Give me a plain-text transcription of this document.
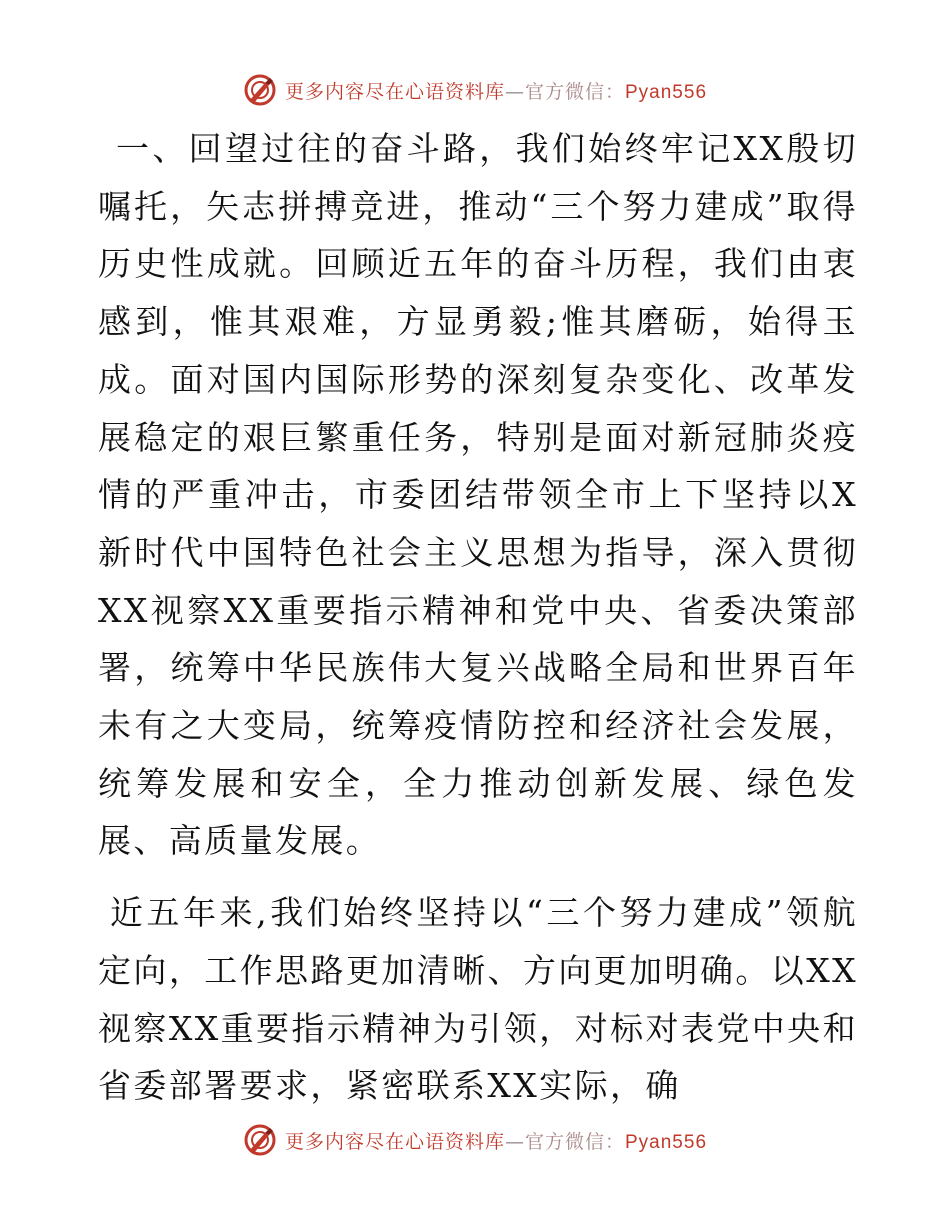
更多内容尽在心语资料库—官方微信：Pyan556

一、回望过往的奋斗路，我们始终牢记XX殷切嘱托，矢志拼搏竞进，推动“三个努力建成”取得历史性成就。回顾近五年的奋斗历程，我们由衷感到，惟其艰难，方显勇毅;惟其磨砺，始得玉成。面对国内国际形势的深刻复杂变化、改革发展稳定的艰巨繁重任务，特别是面对新冠肺炎疫情的严重冲击，市委团结带领全市上下坚持以X新时代中国特色社会主义思想为指导，深入贯彻XX视察XX重要指示精神和党中央、省委决策部署，统筹中华民族伟大复兴战略全局和世界百年未有之大变局，统筹疫情防控和经济社会发展，统筹发展和安全，全力推动创新发展、绿色发展、高质量发展。

近五年来,我们始终坚持以“三个努力建成”领航定向，工作思路更加清晰、方向更加明确。以XX视察XX重要指示精神为引领，对标对表党中央和省委部署要求，紧密联系XX实际，确

更多内容尽在心语资料库—官方微信：Pyan556
